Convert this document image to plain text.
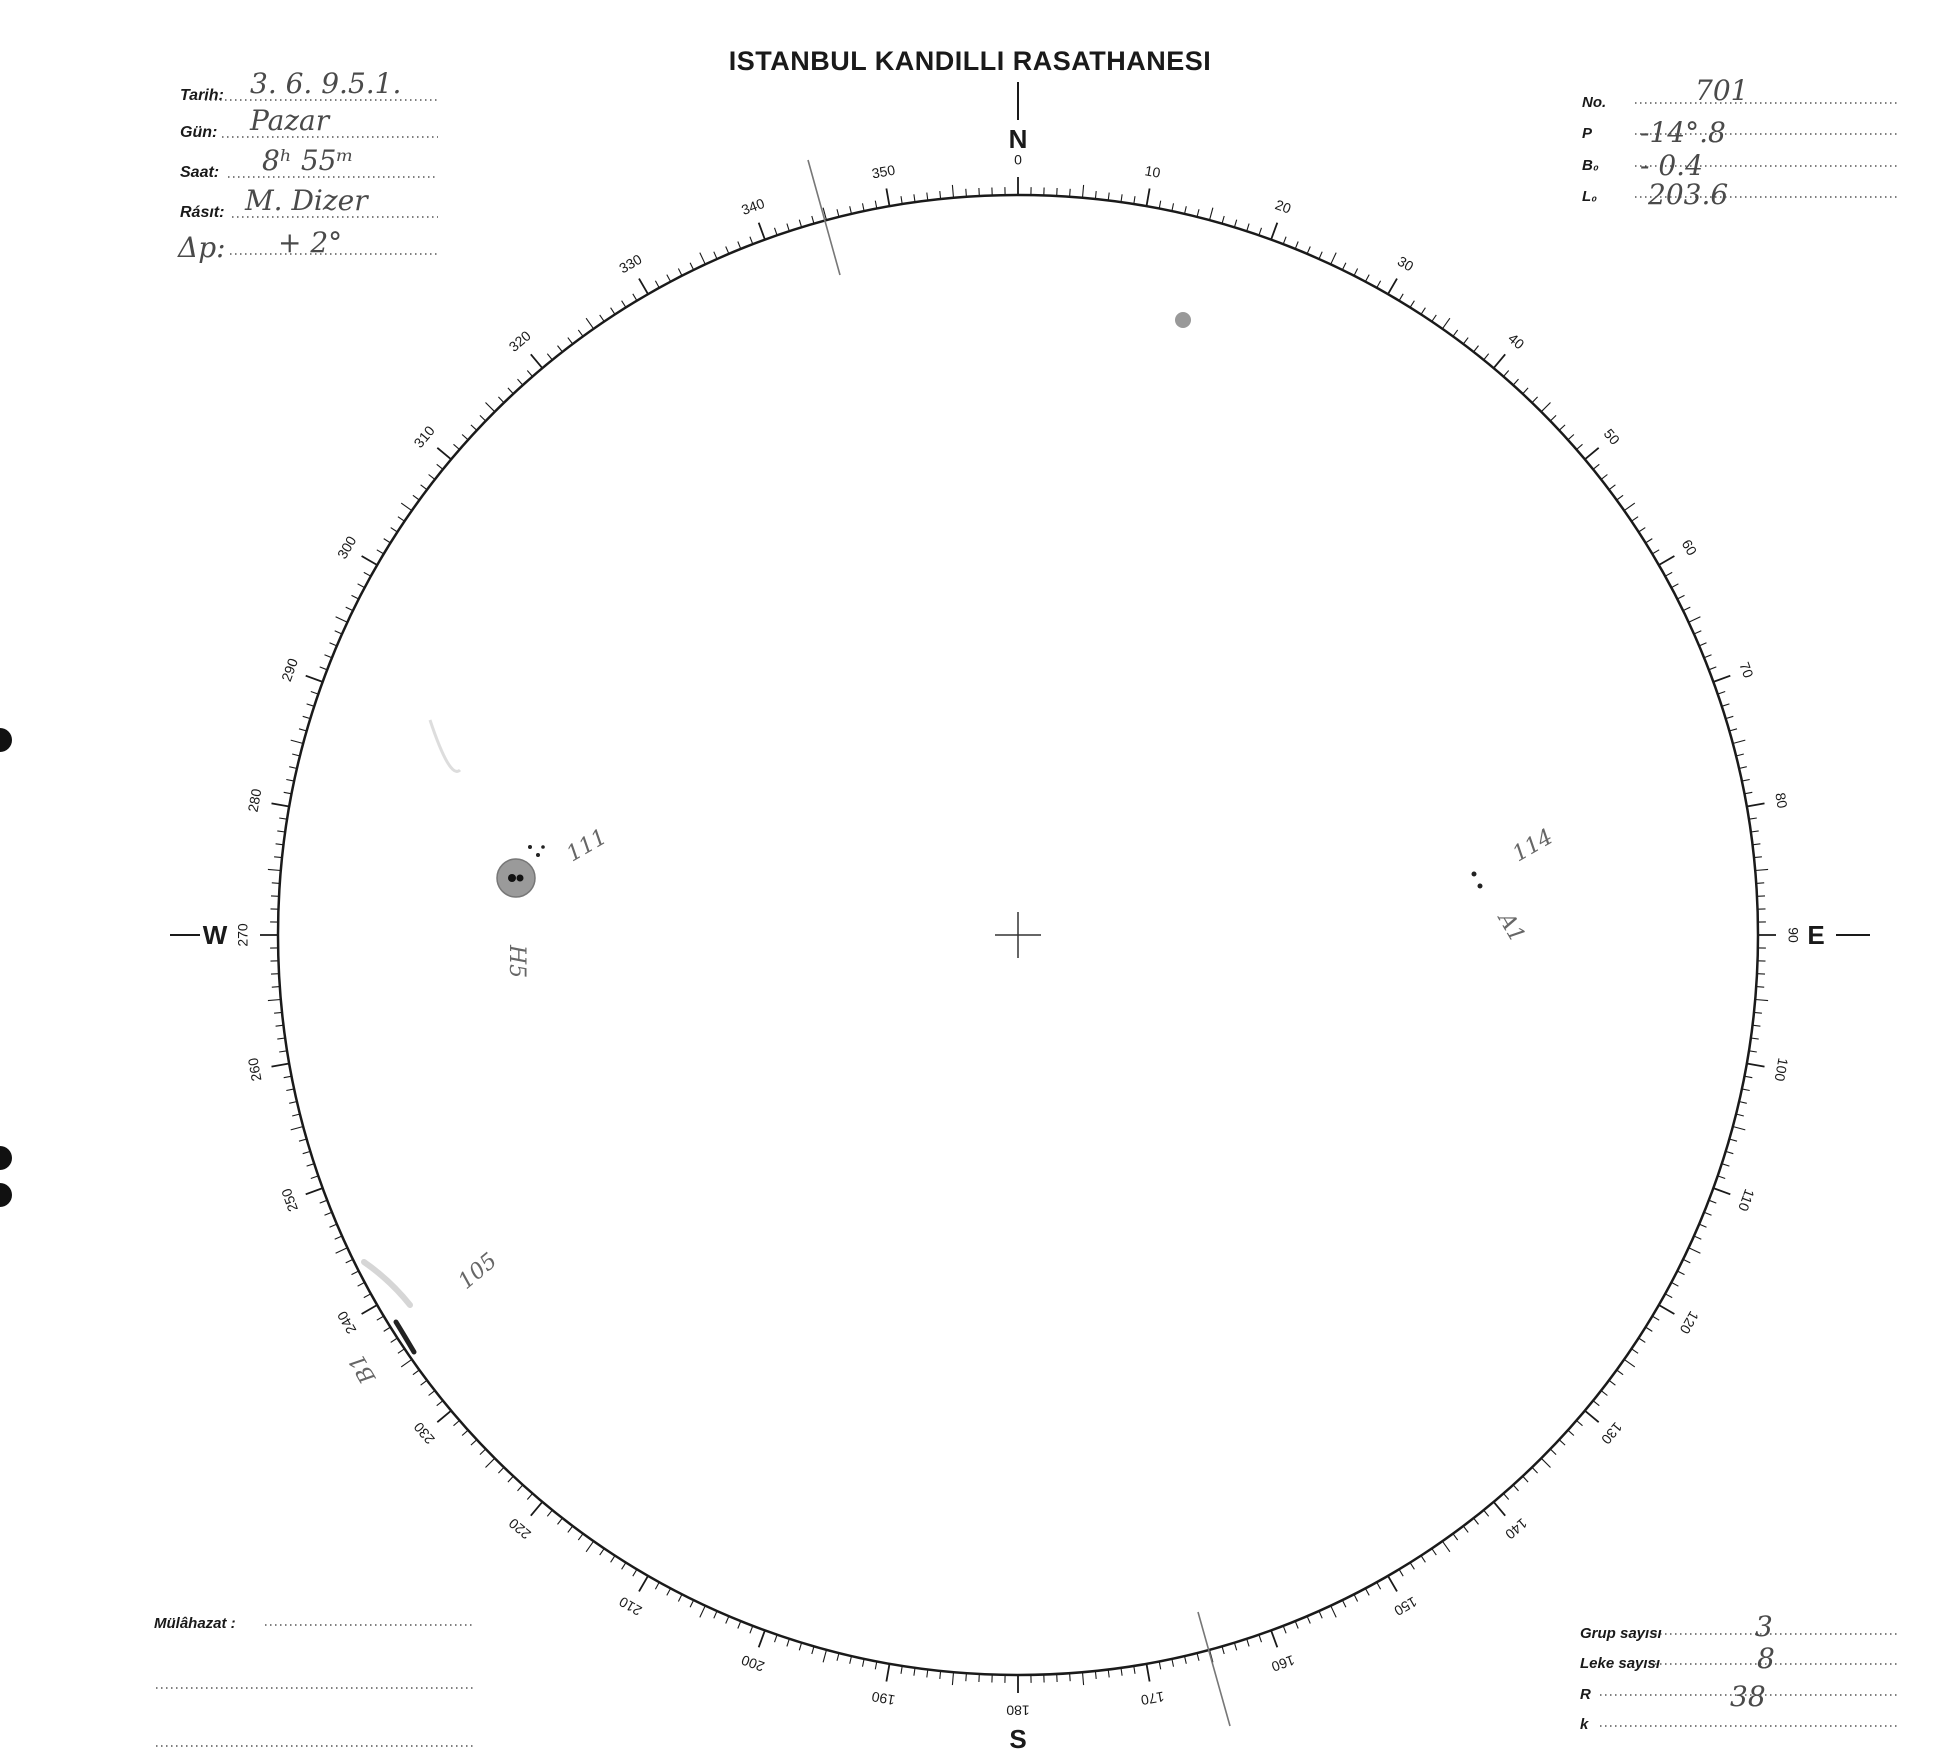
ISTANBUL KANDILLI RASATHANESI
Tarih: 3. 6. 9.5.1.
Gün: Pazar
Saat: 8ʰ 55ᵐ
Rásıt: M. Dizer
Δp: + 2°
No.	701
P -14°.8
B₀ - 0.4
L₀ 203.6
0
10
20
30
40
50
60
70
80
90
100
110
120
130
140
150
160
170
180
190
200
210
220
230
240
250
260
270
280
290
300
310
320
330
340
350
N
S
W	E
111
H5
114
A1
105
B1
Mülâhazat :
Grup sayısı	3
Leke sayısı	8
R	38
k
